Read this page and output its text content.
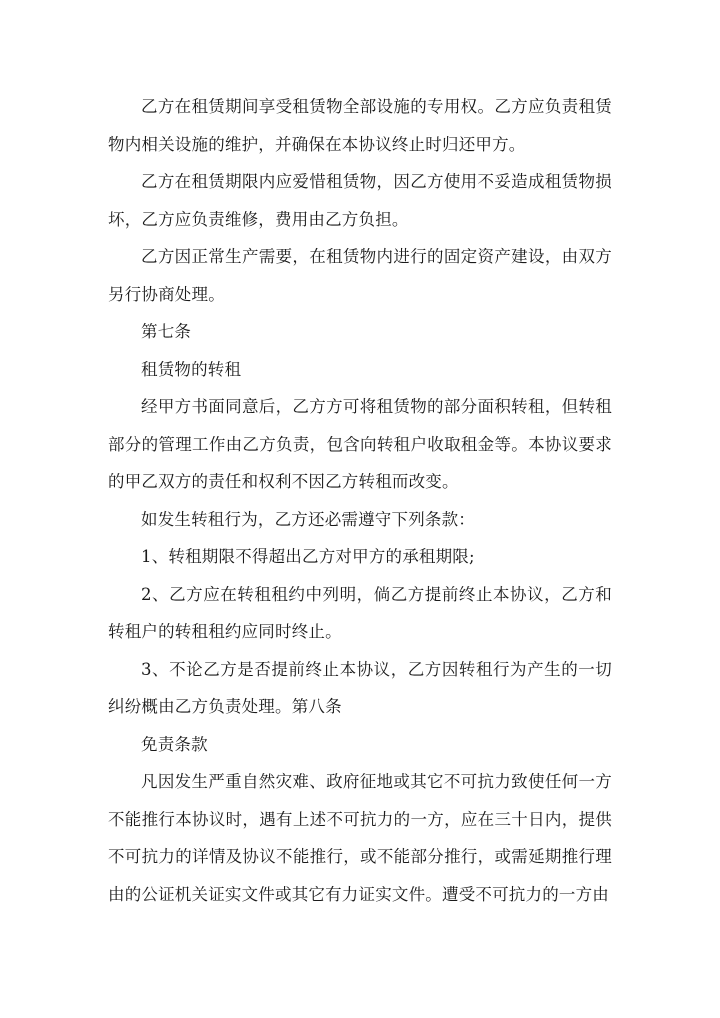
乙方在租赁期间享受租赁物全部设施的专用权。乙方应负责租赁物内相关设施的维护，并确保在本协议终止时归还甲方。

乙方在租赁期限内应爱惜租赁物，因乙方使用不妥造成租赁物损坏，乙方应负责维修，费用由乙方负担。

乙方因正常生产需要，在租赁物内进行的固定资产建设，由双方另行协商处理。

第七条

租赁物的转租

经甲方书面同意后，乙方方可将租赁物的部分面积转租，但转租部分的管理工作由乙方负责，包含向转租户收取租金等。本协议要求的甲乙双方的责任和权利不因乙方转租而改变。

如发生转租行为，乙方还必需遵守下列条款：

1、转租期限不得超出乙方对甲方的承租期限;

2、乙方应在转租租约中列明，倘乙方提前终止本协议，乙方和转租户的转租租约应同时终止。

3、不论乙方是否提前终止本协议，乙方因转租行为产生的一切纠纷概由乙方负责处理。第八条

免责条款

凡因发生严重自然灾难、政府征地或其它不可抗力致使任何一方不能推行本协议时，遇有上述不可抗力的一方，应在三十日内，提供不可抗力的详情及协议不能推行，或不能部分推行，或需延期推行理由的公证机关证实文件或其它有力证实文件。遭受不可抗力的一方由
